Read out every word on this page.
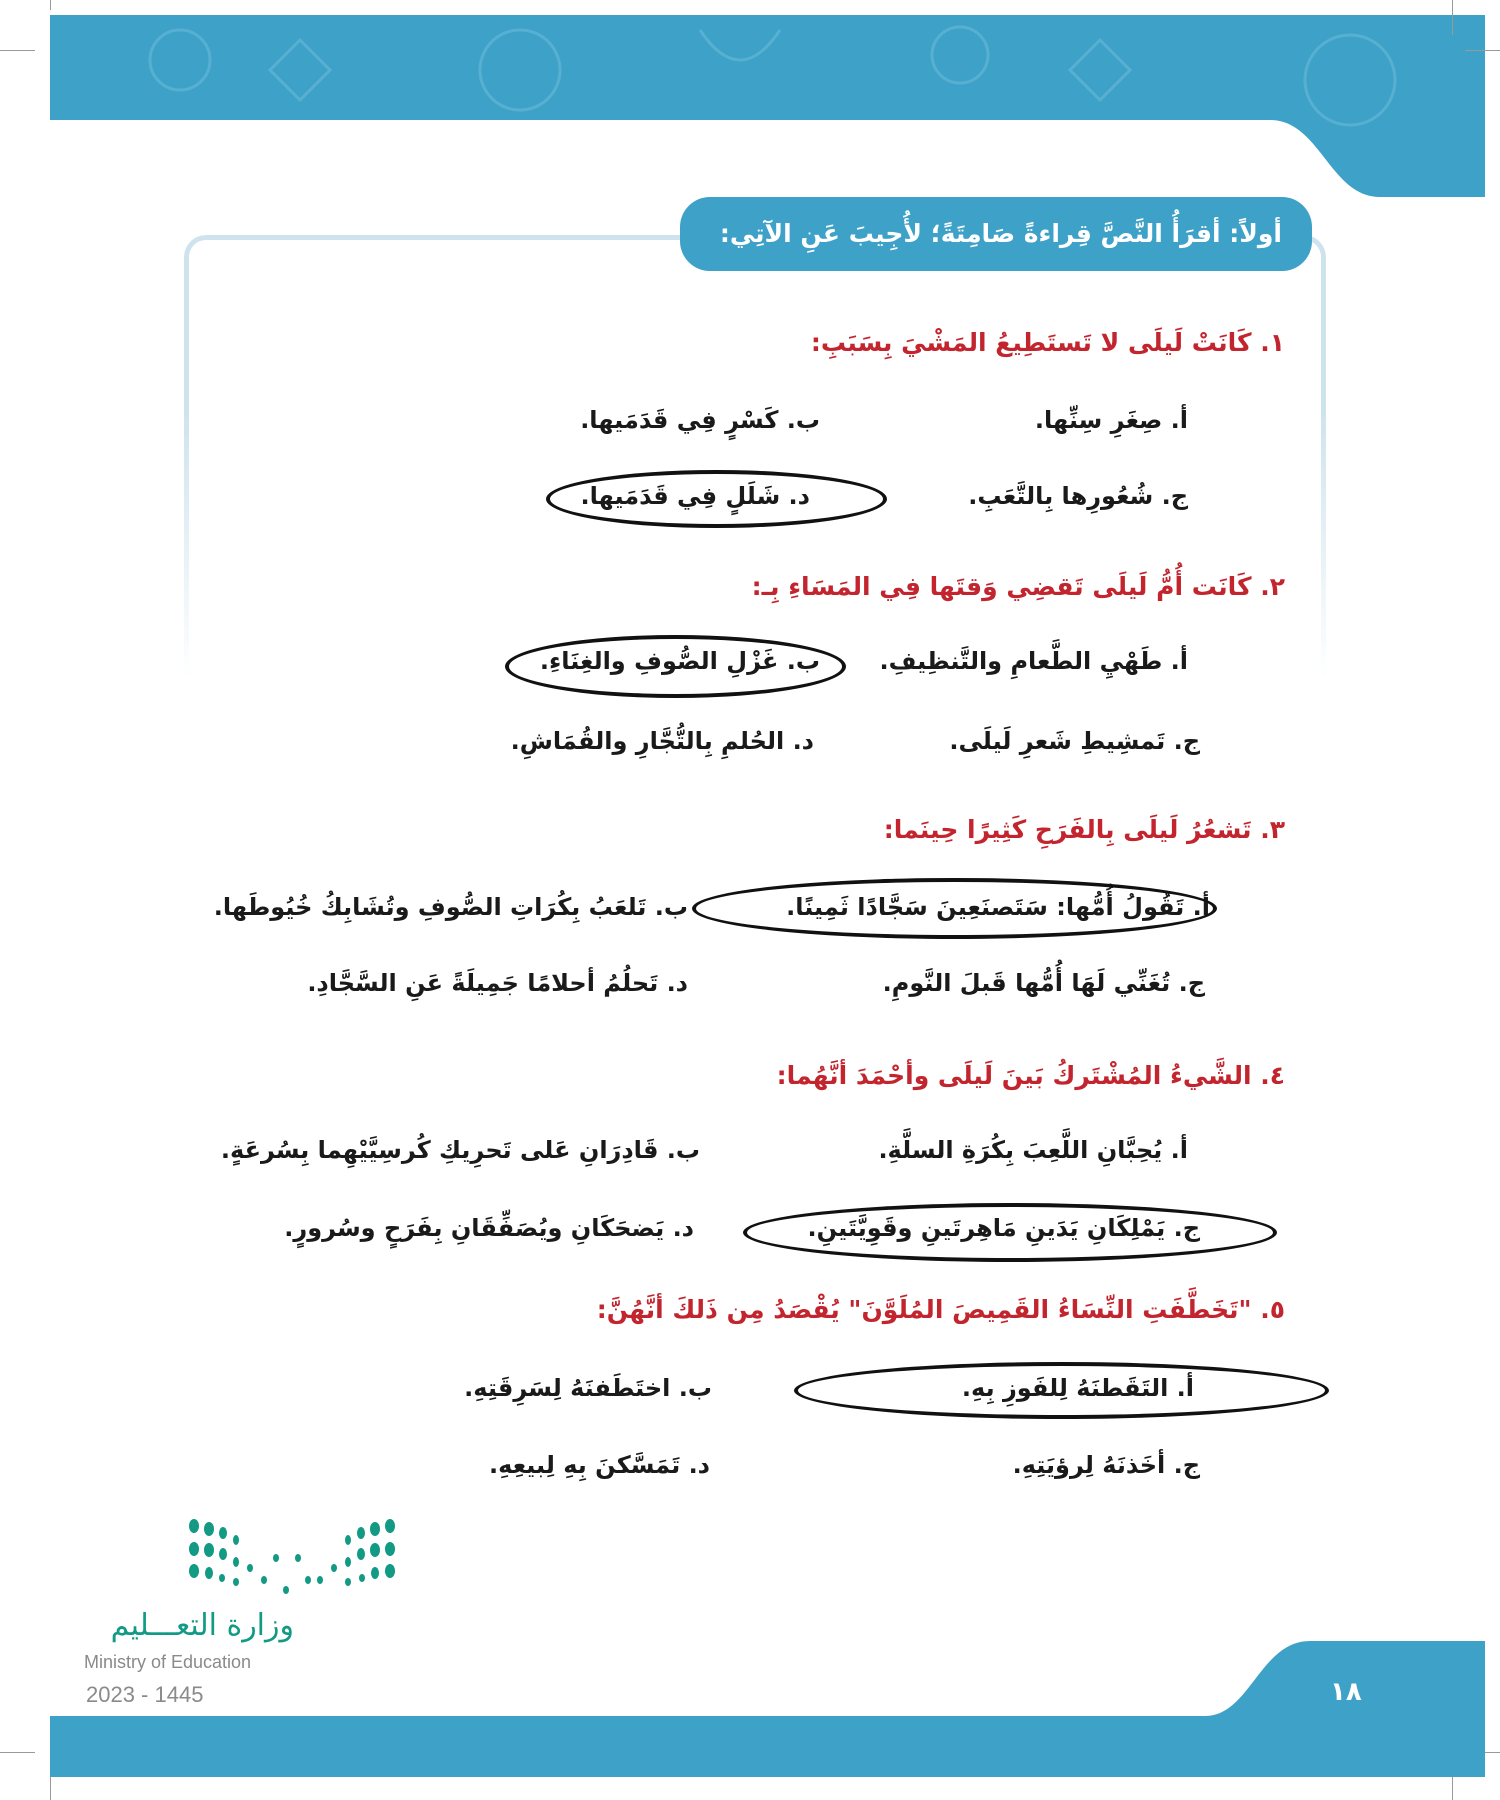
أولاً: أقرَأُ النَّصَّ قِراءةً صَامِتَةً؛ لأُجِيبَ عَنِ الآتِي:
١. كَانَتْ لَيلَى لا تَستَطِيعُ المَشْيَ بِسَبَبِ:
أ. صِغَرِ سِنِّها.
ب. كَسْرٍ فِي قَدَمَيها.
ج. شُعُورِها بِالتَّعَبِ.
د. شَلَلٍ فِي قَدَمَيها.
٢. كَانَت أُمُّ لَيلَى تَقضِي وَقتَها فِي المَسَاءِ بِـ:
أ. طَهْيِ الطَّعامِ والتَّنظِيفِ.
ب. غَزْلِ الصُّوفِ والغِنَاءِ.
ج. تَمشِيطِ شَعرِ لَيلَى.
د. الحُلمِ بِالتُّجَّارِ والقُمَاشِ.
٣. تَشعُرُ لَيلَى بِالفَرَحِ كَثِيرًا حِينَما:
أ. تَقُولُ أُمُّها: سَتَصنَعِينَ سَجَّادًا ثَمِينًا.
ب. تَلعَبُ بِكُرَاتِ الصُّوفِ وتُشَابِكُ خُيُوطَها.
ج. تُغَنِّي لَهَا أُمُّها قَبلَ النَّومِ.
د. تَحلُمُ أحلامًا جَمِيلَةً عَنِ السَّجَّادِ.
٤. الشَّيءُ المُشْتَركُ بَينَ لَيلَى وأحْمَدَ أنَّهُما:
أ. يُحِبَّانِ اللَّعِبَ بِكُرَةِ السلَّةِ.
ب. قَادِرَانِ عَلى تَحرِيكِ كُرسِيَّيْهِما بِسُرعَةٍ.
ج. يَمْلِكَانِ يَدَينِ مَاهِرتَينِ وقَوِيَّتَينِ.
د. يَضحَكَانِ ويُصَفِّقَانِ بِفَرَحٍ وسُرورٍ.
٥. "تَخَطَّفَتِ النِّسَاءُ القَمِيصَ المُلَوَّنَ" يُقْصَدُ مِن ذَلكَ أنَّهُنَّ:
أ. التَقَطنَهُ لِلفَوزِ بِهِ.
ب. اختَطَفنَهُ لِسَرِقَتِهِ.
ج. أخَذنَهُ لِرؤيَتِهِ.
د. تَمَسَّكنَ بِهِ لِبيعِهِ.
وزارة التعـــليم
Ministry of Education
2023 - 1445	١٨
